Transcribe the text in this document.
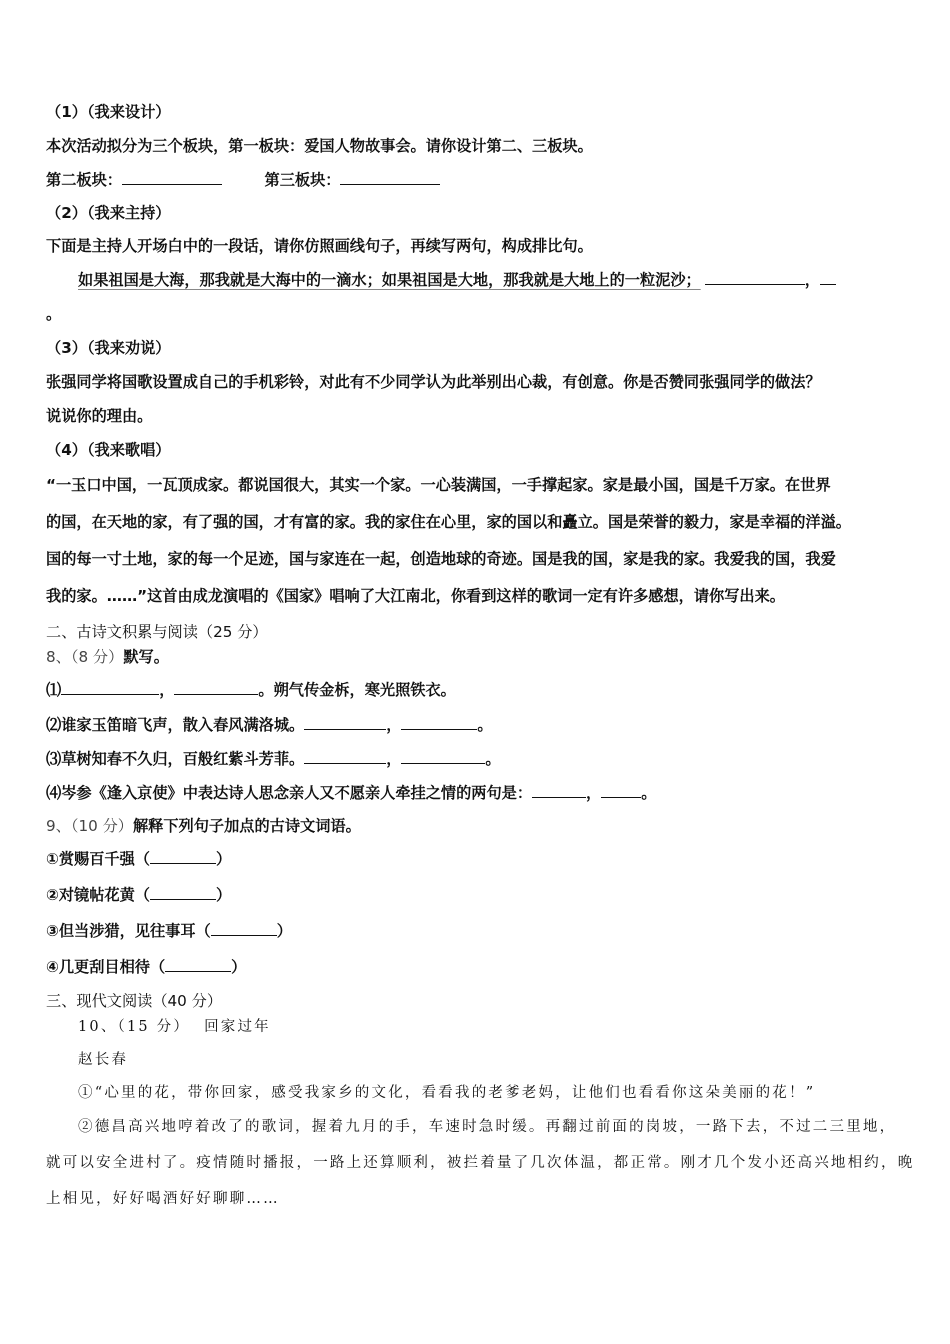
（1）（我来设计）
本次活动拟分为三个板块，第一板块：爱国人物故事会。请你设计第二、三板块。
第二板块：	第三板块：
（2）（我来主持）
下面是主持人开场白中的一段话，请你仿照画线句子，再续写两句，构成排比句。
如果祖国是大海，那我就是大海中的一滴水；如果祖国是大地，那我就是大地上的一粒泥沙；	，
。
（3）（我来劝说）
张强同学将国歌设置成自己的手机彩铃，对此有不少同学认为此举别出心裁，有创意。你是否赞同张强同学的做法？
说说你的理由。
（4）（我来歌唱）
“一玉口中国，一瓦顶成家。都说国很大，其实一个家。一心装满国，一手撑起家。家是最小国，国是千万家。在世界
的国，在天地的家，有了强的国，才有富的家。我的家住在心里，家的国以和矗立。国是荣誉的毅力，家是幸福的洋溢。
国的每一寸土地，家的每一个足迹，国与家连在一起，创造地球的奇迹。国是我的国，家是我的家。我爱我的国，我爱
我的家。……”这首由成龙演唱的《国家》唱响了大江南北，你看到这样的歌词一定有许多感想，请你写出来。
二、古诗文积累与阅读（25 分）
8、（8 分）默写。
⑴	，	。朔气传金柝，寒光照铁衣。
⑵谁家玉笛暗飞声，散入春风满洛城。	，	。
⑶草树知春不久归，百般红紫斗芳菲。	，	。
⑷岑参《逢入京使》中表达诗人思念亲人又不愿亲人牵挂之情的两句是：	，	。
9、（10 分）解释下列句子加点的古诗文词语。
①赏赐百千强（	）
②对镜帖花黄（	）
③但当涉猎，见往事耳（	）
④几更刮目相待（	）
三、现代文阅读（40 分）
10、（15 分） 回家过年
赵长春
①“心里的花，带你回家，感受我家乡的文化，看看我的老爹老妈，让他们也看看你这朵美丽的花！”
②德昌高兴地哼着改了的歌词，握着九月的手，车速时急时缓。再翻过前面的岗坡，一路下去，不过二三里地，
就可以安全进村了。疫情随时播报，一路上还算顺利，被拦着量了几次体温，都正常。刚才几个发小还高兴地相约，晚
上相见，好好喝酒好好聊聊……
